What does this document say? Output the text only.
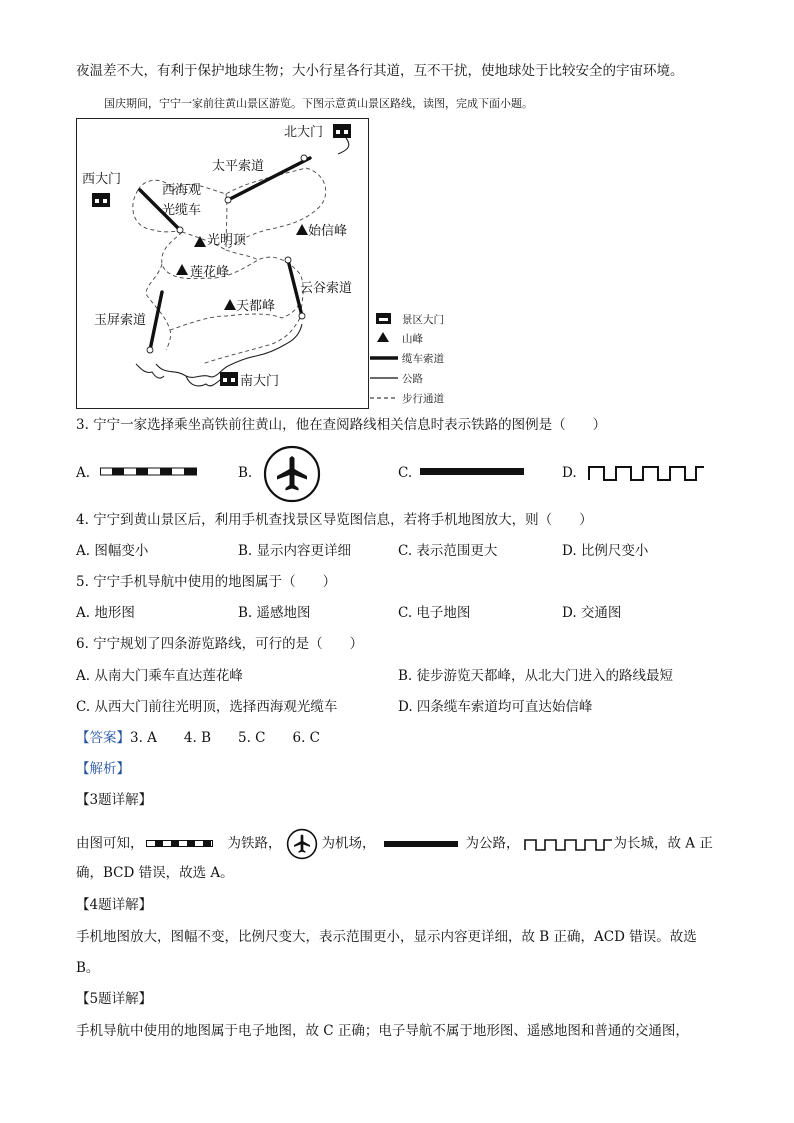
夜温差不大，有利于保护地球生物；大小行星各行其道，互不干扰，使地球处于比较安全的宇宙环境。
国庆期间，宁宁一家前往黄山景区游览。下图示意黄山景区路线，读图，完成下面小题。
北大门
西大门
南大门
太平索道
西海观
光缆车
光明顶
始信峰
莲花峰
云谷索道
天都峰
玉屏索道	景区大门
山峰
缆车索道
公路
步行通道
3. 宁宁一家选择乘坐高铁前往黄山，他在查阅路线相关信息时表示铁路的图例是（　　）
A.	B.	C.	D.
4. 宁宁到黄山景区后，利用手机查找景区导览图信息，若将手机地图放大，则（　　）
A. 图幅变小	B. 显示内容更详细	C. 表示范围更大	D. 比例尺变小
5. 宁宁手机导航中使用的地图属于（　　）
A. 地形图	B. 遥感地图	C. 电子地图	D. 交通图
6. 宁宁规划了四条游览路线，可行的是（　　）
A. 从南大门乘车直达莲花峰	B. 徒步游览天都峰，从北大门进入的路线最短
C. 从西大门前往光明顶，选择西海观光缆车	D. 四条缆车索道均可直达始信峰
【答案】3. A　　4. B　　5. C　　6. C
【解析】
【3题详解】
由图可知，	为铁路，	为机场，	为公路，	为长城，故 A 正
确，BCD 错误，故选 A。
【4题详解】
手机地图放大，图幅不变，比例尺变大，表示范围更小，显示内容更详细，故 B 正确，ACD 错误。故选
B。
【5题详解】
手机导航中使用的地图属于电子地图，故 C 正确；电子导航不属于地形图、遥感地图和普通的交通图，
